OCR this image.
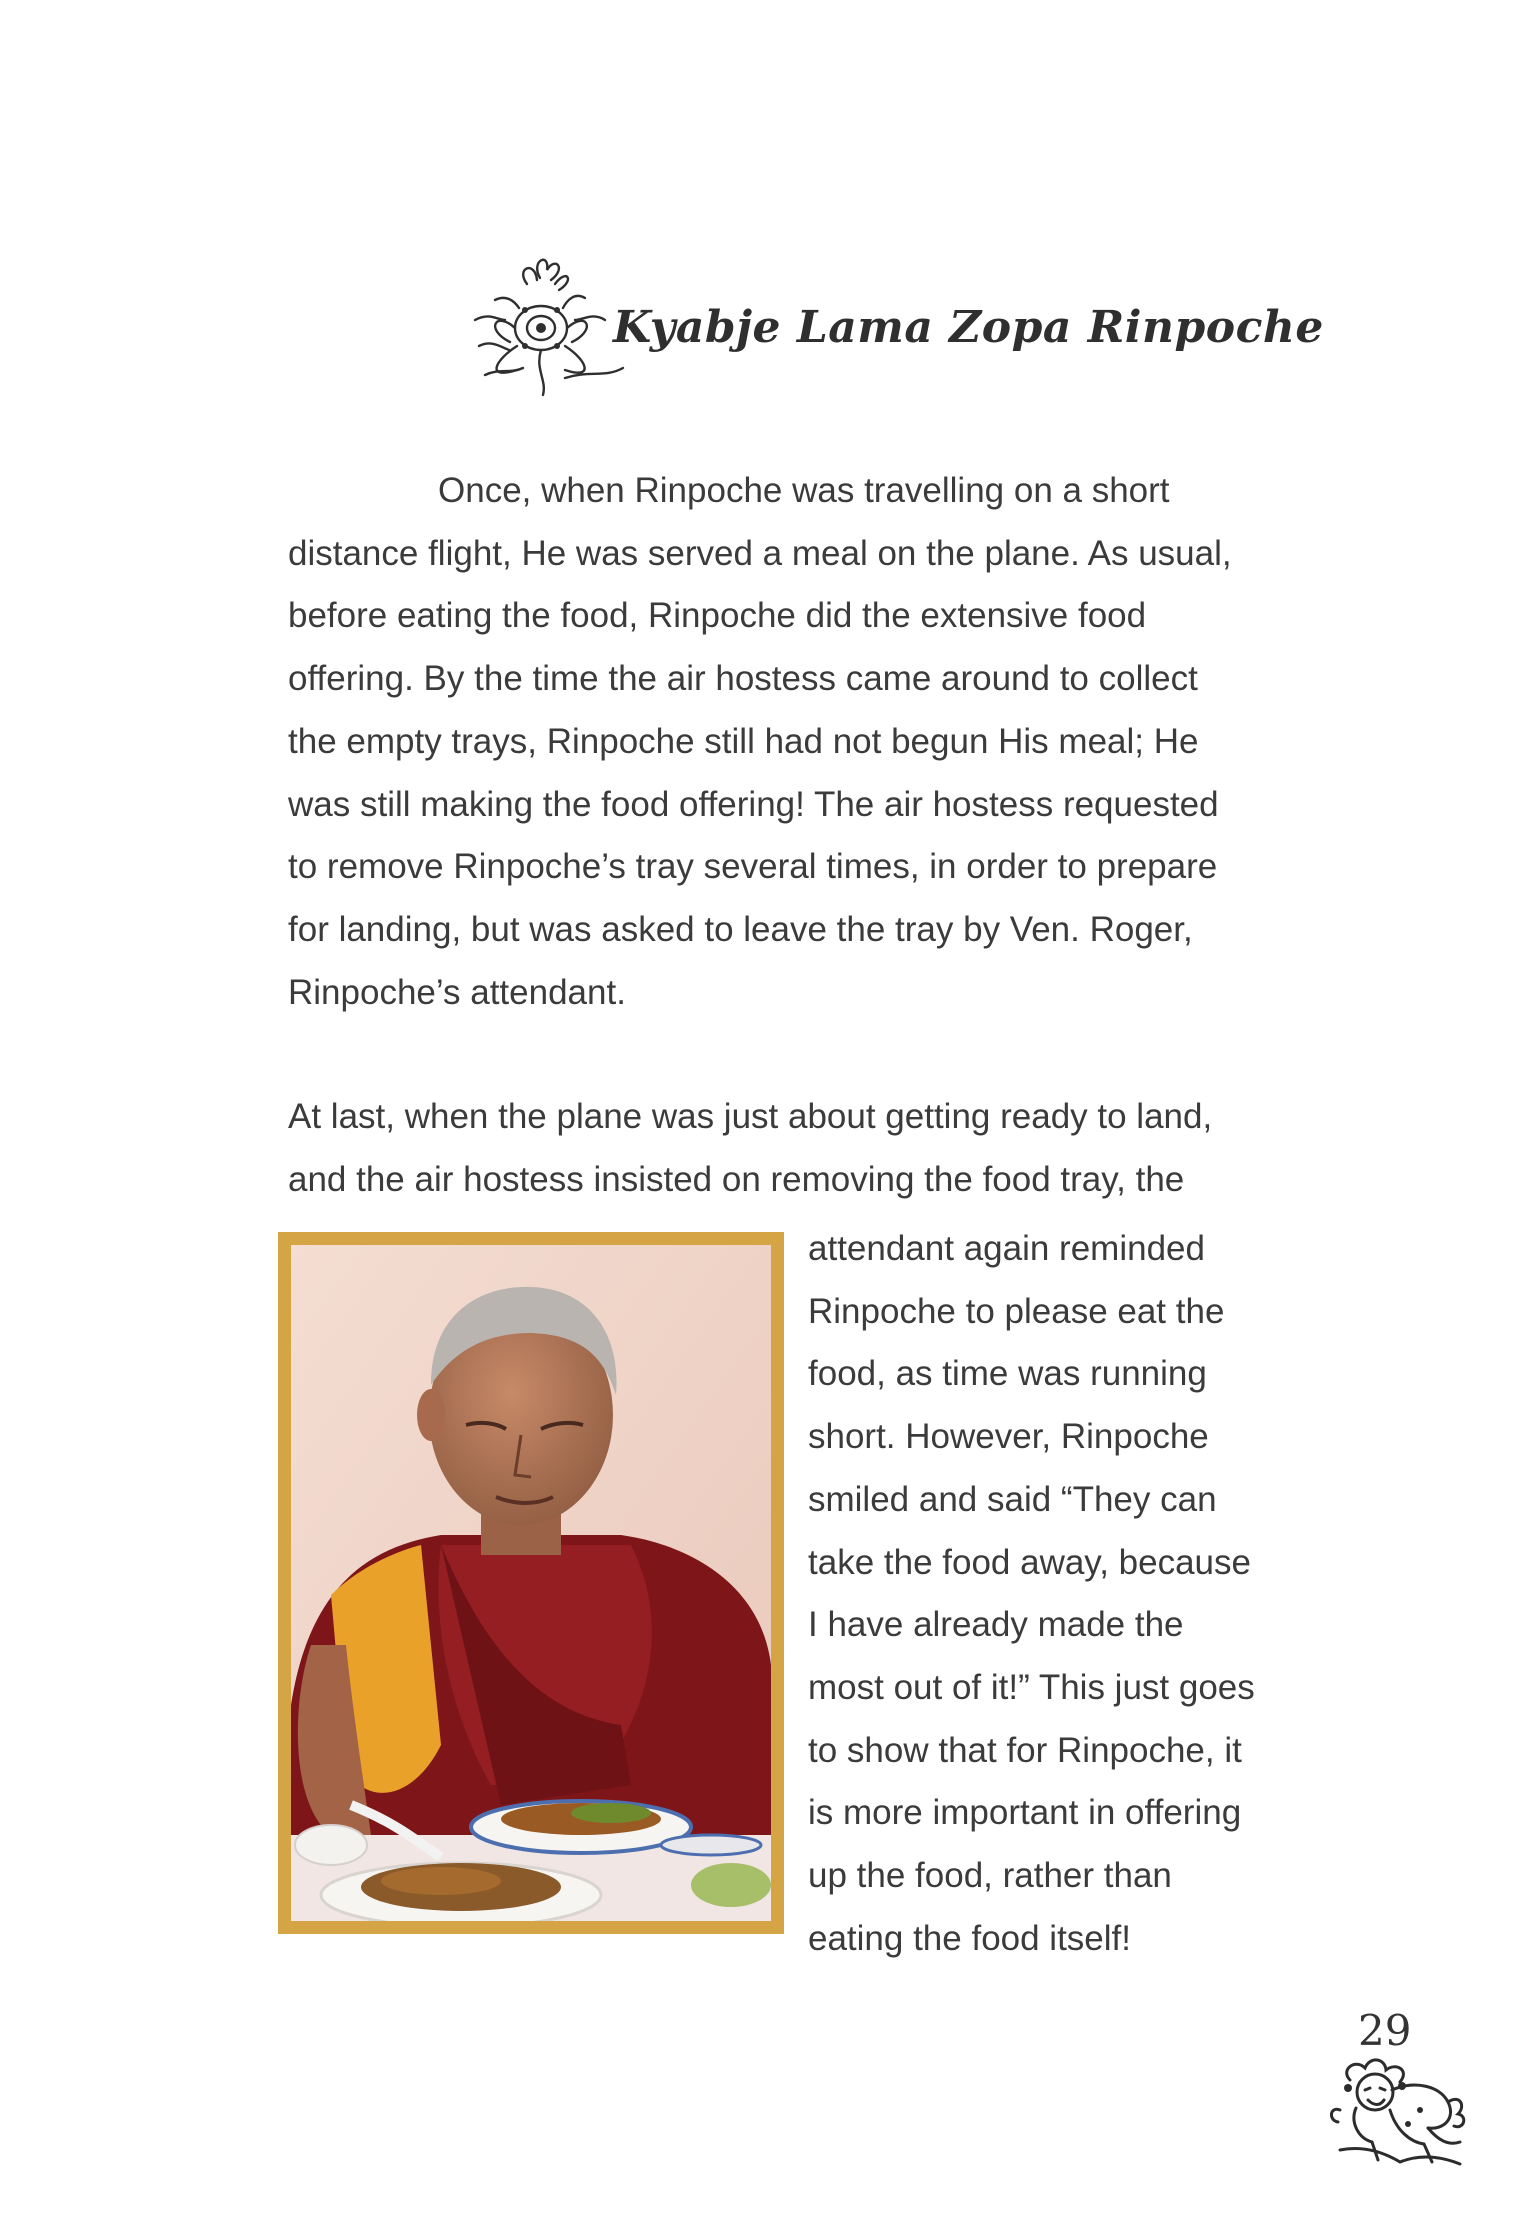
Kyabje Lama Zopa Rinpoche
Once, when Rinpoche was travelling on a short
distance flight, He was served a meal on the plane. As usual,
before eating the food, Rinpoche did the extensive food
offering. By the time the air hostess came around to collect
the empty trays, Rinpoche still had not begun His meal; He
was still making the food offering! The air hostess requested
to remove Rinpoche’s tray several times, in order to prepare
for landing, but was asked to leave the tray by Ven. Roger,
Rinpoche’s attendant.
At last, when the plane was just about getting ready to land,
and the air hostess insisted on removing the food tray, the
attendant again reminded
Rinpoche to please eat the
food, as time was running
short. However, Rinpoche
smiled and said “They can
take the food away, because
I have already made the
most out of it!” This just goes
to show that for Rinpoche, it
is more important in offering
up the food, rather than
eating the food itself!
29
